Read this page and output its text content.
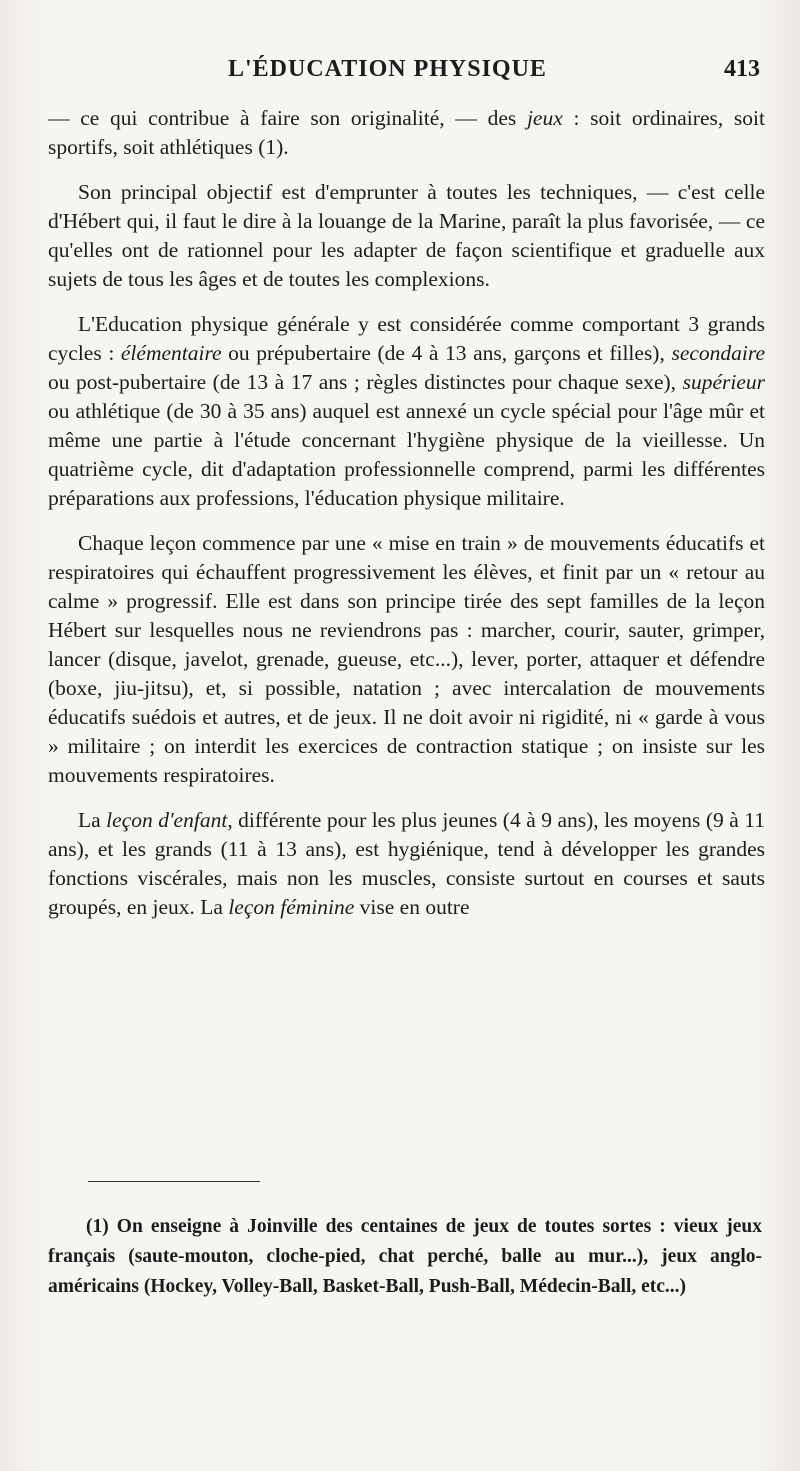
L'ÉDUCATION PHYSIQUE	413

— ce qui contribue à faire son originalité, — des jeux : soit ordinaires, soit sportifs, soit athlétiques (1).

Son principal objectif est d'emprunter à toutes les techniques, — c'est celle d'Hébert qui, il faut le dire à la louange de la Marine, paraît la plus favorisée, — ce qu'elles ont de rationnel pour les adapter de façon scientifique et graduelle aux sujets de tous les âges et de toutes les complexions.

L'Education physique générale y est considérée comme comportant 3 grands cycles : élémentaire ou prépubertaire (de 4 à 13 ans, garçons et filles), secondaire ou post-pubertaire (de 13 à 17 ans ; règles distinctes pour chaque sexe), supérieur ou athlétique (de 30 à 35 ans) auquel est annexé un cycle spécial pour l'âge mûr et même une partie à l'étude concernant l'hygiène physique de la vieillesse. Un quatrième cycle, dit d'adaptation professionnelle comprend, parmi les différentes préparations aux professions, l'éducation physique militaire.

Chaque leçon commence par une « mise en train » de mouvements éducatifs et respiratoires qui échauffent progressivement les élèves, et finit par un « retour au calme » progressif. Elle est dans son principe tirée des sept familles de la leçon Hébert sur lesquelles nous ne reviendrons pas : marcher, courir, sauter, grimper, lancer (disque, javelot, grenade, gueuse, etc...), lever, porter, attaquer et défendre (boxe, jiu-jitsu), et, si possible, natation ; avec intercalation de mouvements éducatifs suédois et autres, et de jeux. Il ne doit avoir ni rigidité, ni « garde à vous » militaire ; on interdit les exercices de contraction statique ; on insiste sur les mouvements respiratoires.

La leçon d'enfant, différente pour les plus jeunes (4 à 9 ans), les moyens (9 à 11 ans), et les grands (11 à 13 ans), est hygiénique, tend à développer les grandes fonctions viscérales, mais non les muscles, consiste surtout en courses et sauts groupés, en jeux. La leçon féminine vise en outre

(1) On enseigne à Joinville des centaines de jeux de toutes sortes : vieux jeux français (saute-mouton, cloche-pied, chat perché, balle au mur...), jeux anglo-américains (Hockey, Volley-Ball, Basket-Ball, Push-Ball, Médecin-Ball, etc...)
